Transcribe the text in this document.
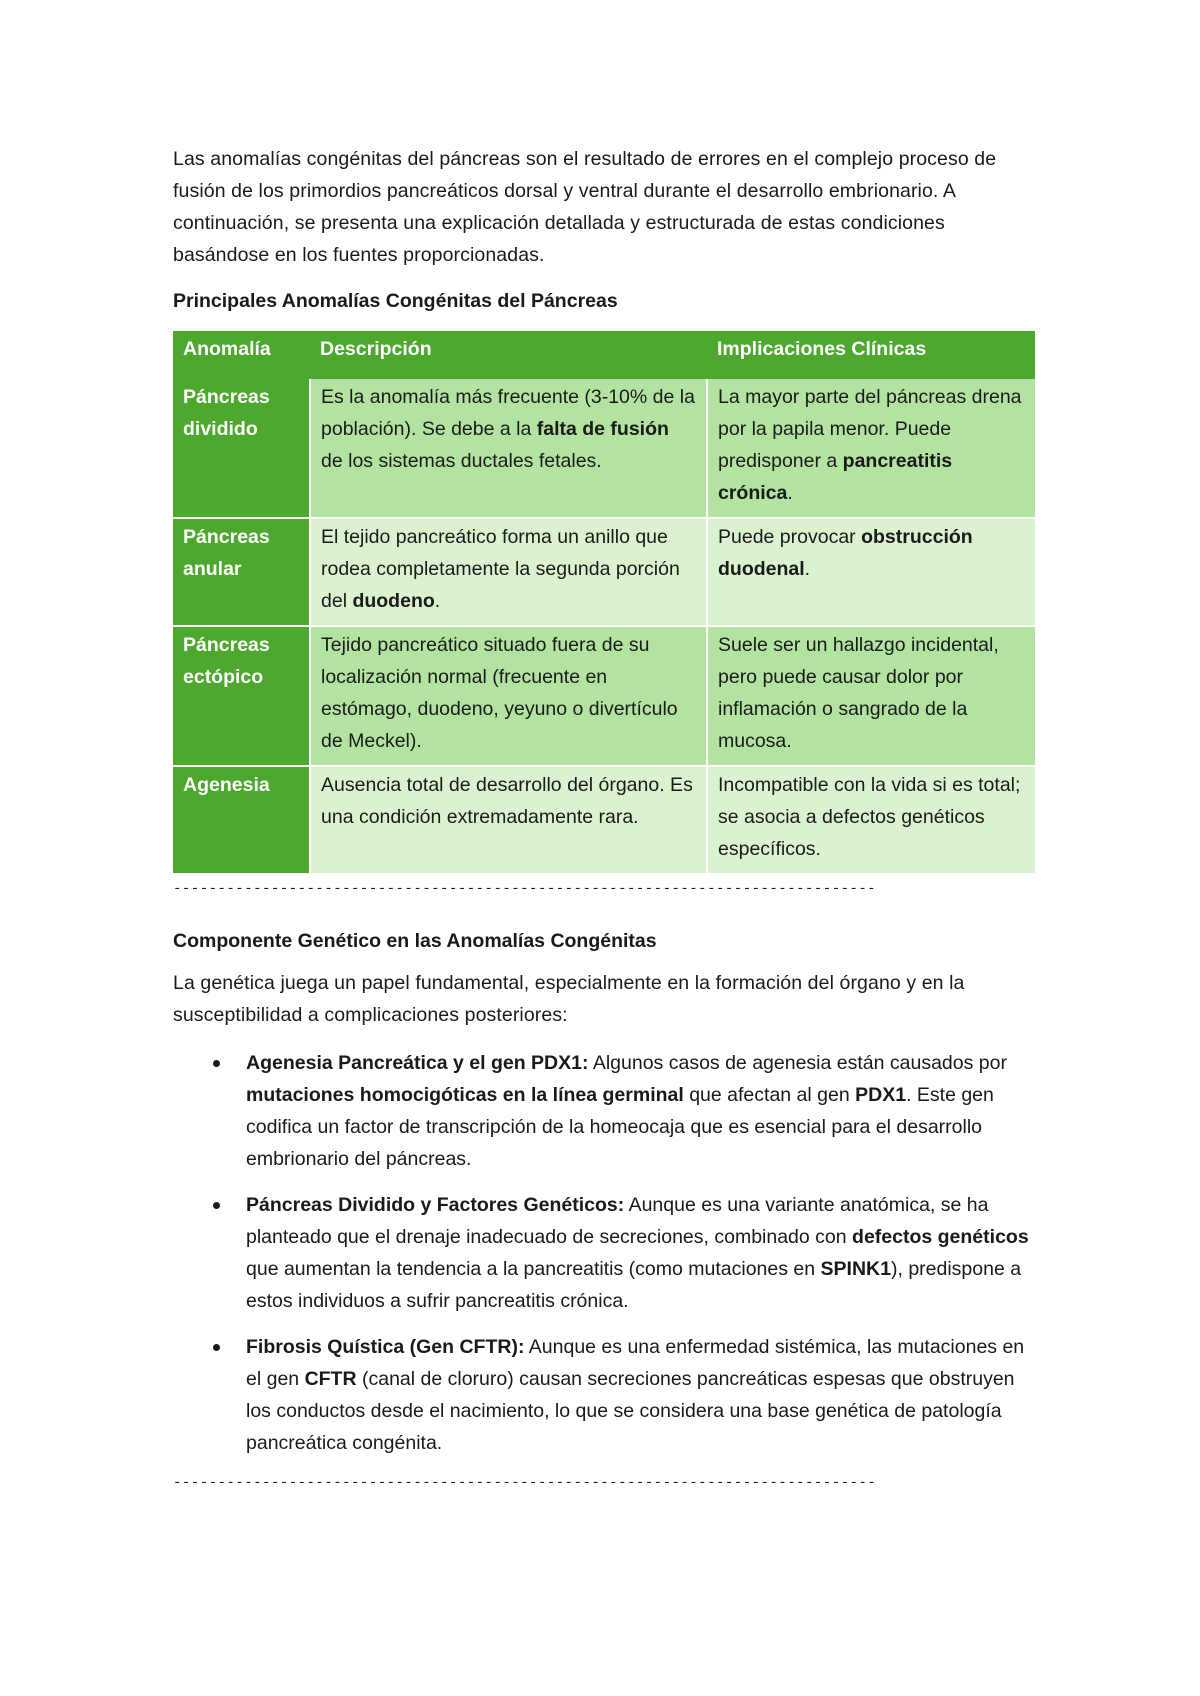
Las anomalías congénitas del páncreas son el resultado de errores en el complejo proceso de fusión de los primordios pancreáticos dorsal y ventral durante el desarrollo embrionario. A continuación, se presenta una explicación detallada y estructurada de estas condiciones basándose en los fuentes proporcionadas.

Principales Anomalías Congénitas del Páncreas
Anomalía	Descripción	Implicaciones Clínicas
Páncreas dividido	Es la anomalía más frecuente (3-10% de la población). Se debe a la falta de fusión de los sistemas ductales fetales.	La mayor parte del páncreas drena por la papila menor. Puede predisponer a pancreatitis crónica.
Páncreas anular	El tejido pancreático forma un anillo que rodea completamente la segunda porción del duodeno.	Puede provocar obstrucción duodenal.
Páncreas ectópico	Tejido pancreático situado fuera de su localización normal (frecuente en estómago, duodeno, yeyuno o divertículo de Meckel).	Suele ser un hallazgo incidental, pero puede causar dolor por inflamación o sangrado de la mucosa.
Agenesia	Ausencia total de desarrollo del órgano. Es una condición extremadamente rara.	Incompatible con la vida si es total; se asocia a defectos genéticos específicos.
-------------------------------------------------------------------------------
Componente Genético en las Anomalías Congénitas

La genética juega un papel fundamental, especialmente en la formación del órgano y en la susceptibilidad a complicaciones posteriores:

Agenesia Pancreática y el gen PDX1: Algunos casos de agenesia están causados por mutaciones homocigóticas en la línea germinal que afectan al gen PDX1. Este gen codifica un factor de transcripción de la homeocaja que es esencial para el desarrollo embrionario del páncreas.
Páncreas Dividido y Factores Genéticos: Aunque es una variante anatómica, se ha planteado que el drenaje inadecuado de secreciones, combinado con defectos genéticos que aumentan la tendencia a la pancreatitis (como mutaciones en SPINK1), predispone a estos individuos a sufrir pancreatitis crónica.
Fibrosis Quística (Gen CFTR): Aunque es una enfermedad sistémica, las mutaciones en el gen CFTR (canal de cloruro) causan secreciones pancreáticas espesas que obstruyen los conductos desde el nacimiento, lo que se considera una base genética de patología pancreática congénita.
-------------------------------------------------------------------------------
